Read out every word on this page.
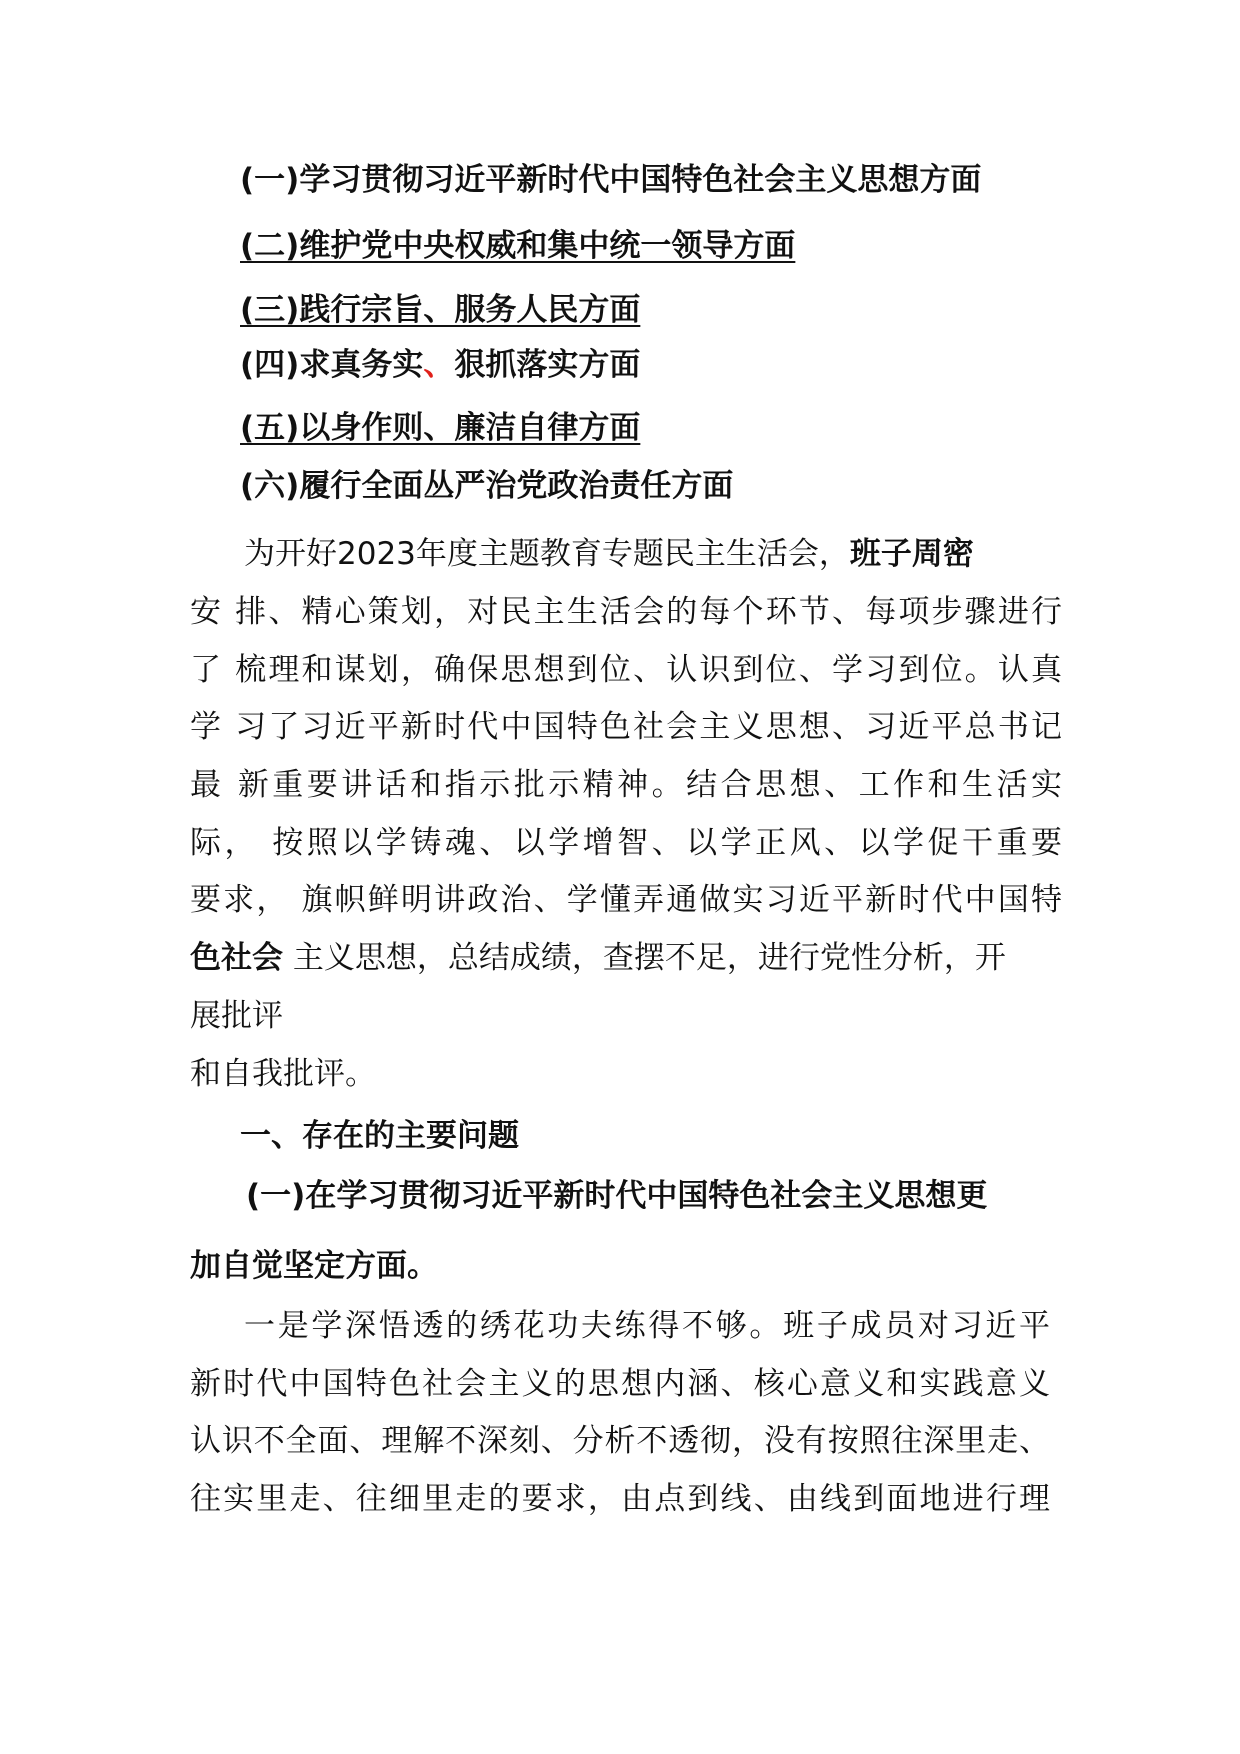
(一)学习贯彻习近平新时代中国特色社会主义思想方面
(二)维护党中央权威和集中统一领导方面
(三)践行宗旨、服务人民方面
(四)求真务实、狠抓落实方面
(五)以身作则、廉洁自律方面
(六)履行全面丛严治党政治责任方面
为开好2023年度主题教育专题民主生活会，班子周密
安 排、精心策划，对民主生活会的每个环节、每项步骤进行
了 梳理和谋划，确保思想到位、认识到位、学习到位。认真
学 习了习近平新时代中国特色社会主义思想、习近平总书记
最 新重要讲话和指示批示精神。结合思想、工作和生活实
际， 按照以学铸魂、以学增智、以学正风、以学促干重要
要求， 旗帜鲜明讲政治、学懂弄通做实习近平新时代中国特
色社会 主义思想，总结成绩，查摆不足，进行党性分析，开
展批评
和自我批评。
一、存在的主要问题
(一)在学习贯彻习近平新时代中国特色社会主义思想更
加自觉坚定方面。
一是学深悟透的绣花功夫练得不够。班子成员对习近平
新时代中国特色社会主义的思想内涵、核心意义和实践意义
认识不全面、理解不深刻、分析不透彻，没有按照往深里走、
往实里走、往细里走的要求，由点到线、由线到面地进行理
